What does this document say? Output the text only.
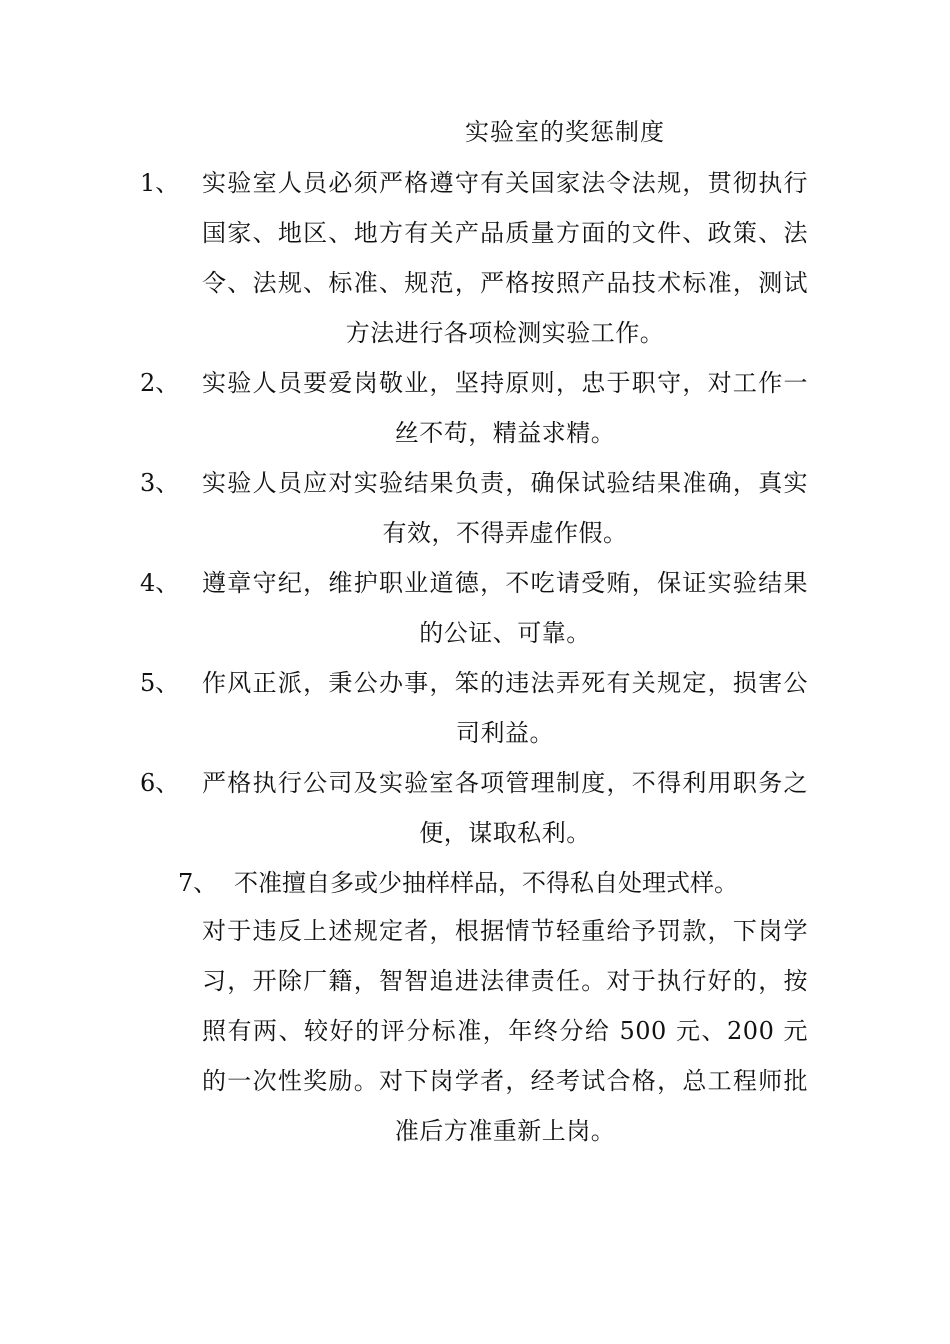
实验室的奖惩制度
1、 实验室人员必须严格遵守有关国家法令法规，贯彻执行国家、地区、地方有关产品质量方面的文件、政策、法令、法规、标准、规范，严格按照产品技术标准，测试方法进行各项检测实验工作。
2、 实验人员要爱岗敬业，坚持原则，忠于职守，对工作一丝不苟，精益求精。
3、 实验人员应对实验结果负责，确保试验结果准确，真实有效，不得弄虚作假。
4、 遵章守纪，维护职业道德，不吃请受贿，保证实验结果的公证、可靠。
5、 作风正派，秉公办事，笨的违法弄死有关规定，损害公司利益。
6、 严格执行公司及实验室各项管理制度，不得利用职务之便，谋取私利。
7、 不准擅自多或少抽样样品，不得私自处理式样。
对于违反上述规定者，根据情节轻重给予罚款，下岗学习，开除厂籍，智智追进法律责任。对于执行好的，按照有两、较好的评分标准，年终分给 500 元、200 元的一次性奖励。对下岗学者，经考试合格，总工程师批准后方准重新上岗。
